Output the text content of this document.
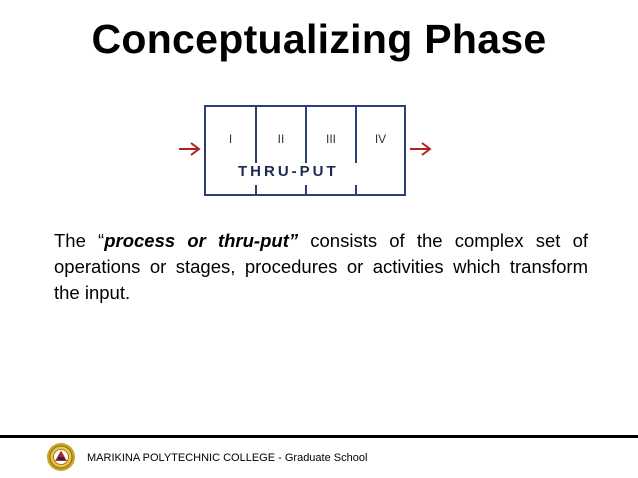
Conceptualizing Phase
I	II	III	IV
THRU-PUT
The “process or thru-put” consists of the complex set of operations or stages, procedures or activities which transform the input.
MARIKINA POLYTECHNIC COLLEGE - Graduate School
